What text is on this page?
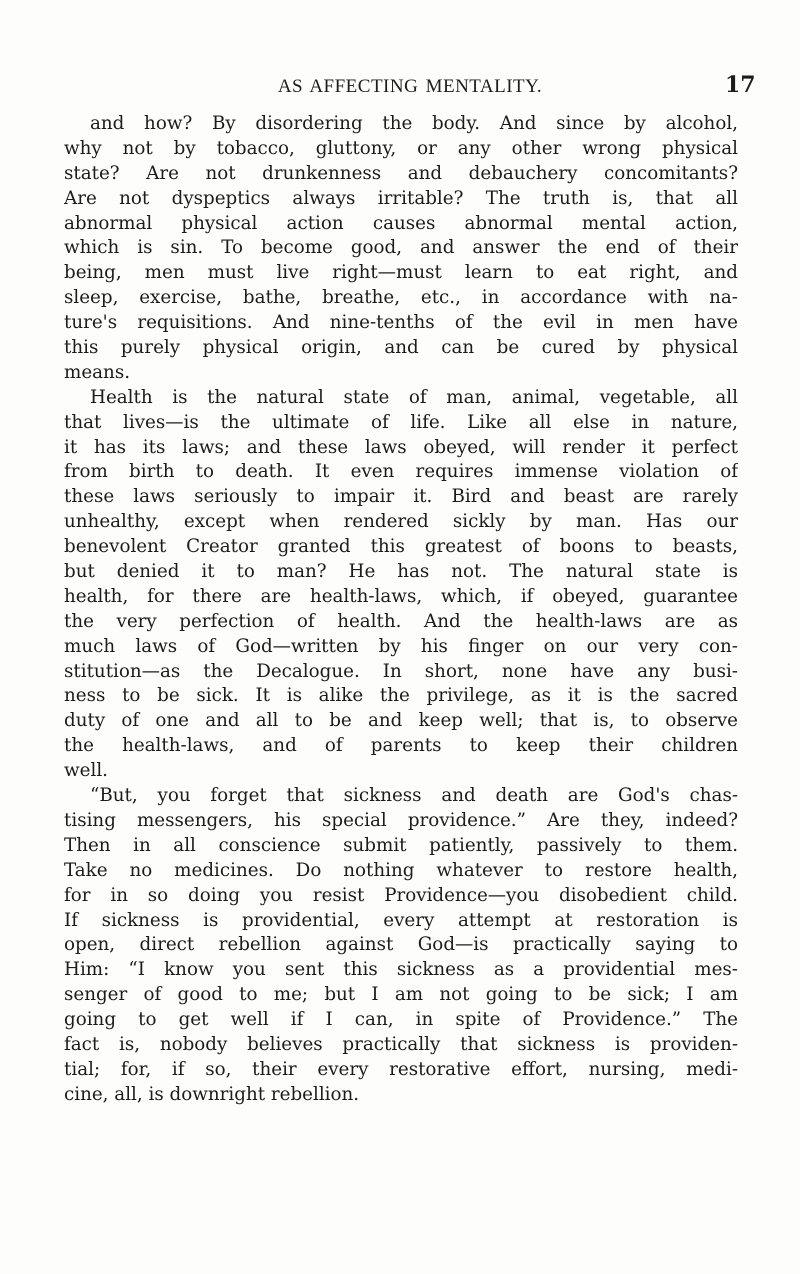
AS AFFECTING MENTALITY.	17
and how? By disordering the body. And since by alcohol,
why not by tobacco, gluttony, or any other wrong physical
state? Are not drunkenness and debauchery concomitants?
Are not dyspeptics always irritable? The truth is, that all
abnormal physical action causes abnormal mental action,
which is sin. To become good, and answer the end of their
being, men must live right—must learn to eat right, and
sleep, exercise, bathe, breathe, etc., in accordance with na-
ture's requisitions. And nine-tenths of the evil in men have
this purely physical origin, and can be cured by physical
means.
Health is the natural state of man, animal, vegetable, all
that lives—is the ultimate of life. Like all else in nature,
it has its laws; and these laws obeyed, will render it perfect
from birth to death. It even requires immense violation of
these laws seriously to impair it. Bird and beast are rarely
unhealthy, except when rendered sickly by man. Has our
benevolent Creator granted this greatest of boons to beasts,
but denied it to man? He has not. The natural state is
health, for there are health-laws, which, if obeyed, guarantee
the very perfection of health. And the health-laws are as
much laws of God—written by his finger on our very con-
stitution—as the Decalogue. In short, none have any busi-
ness to be sick. It is alike the privilege, as it is the sacred
duty of one and all to be and keep well; that is, to observe
the health-laws, and of parents to keep their children
well.
“But, you forget that sickness and death are God's chas-
tising messengers, his special providence.” Are they, indeed?
Then in all conscience submit patiently, passively to them.
Take no medicines. Do nothing whatever to restore health,
for in so doing you resist Providence—you disobedient child.
If sickness is providential, every attempt at restoration is
open, direct rebellion against God—is practically saying to
Him: “I know you sent this sickness as a providential mes-
senger of good to me; but I am not going to be sick; I am
going to get well if I can, in spite of Providence.” The
fact is, nobody believes practically that sickness is providen-
tial; for, if so, their every restorative effort, nursing, medi-
cine, all, is downright rebellion.
